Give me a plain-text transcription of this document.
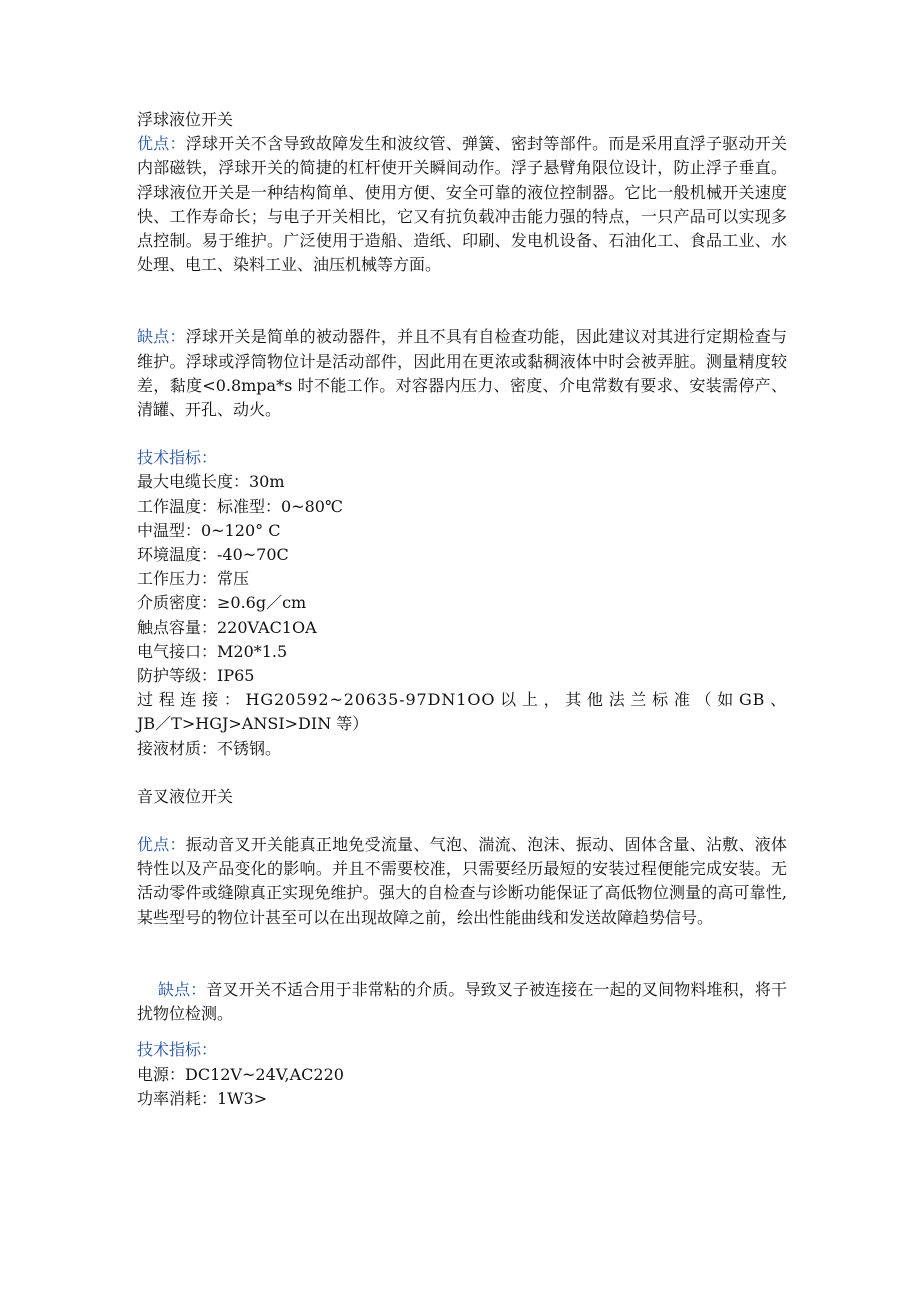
浮球液位开关

优点：浮球开关不含导致故障发生和波纹管、弹簧、密封等部件。而是采用直浮子驱动开关内部磁铁，浮球开关的简捷的杠杆使开关瞬间动作。浮子悬臂角限位设计，防止浮子垂直。浮球液位开关是一种结构简单、使用方便、安全可靠的液位控制器。它比一般机械开关速度快、工作寿命长；与电子开关相比，它又有抗负载冲击能力强的特点，一只产品可以实现多点控制。易于维护。广泛使用于造船、造纸、印刷、发电机设备、石油化工、食品工业、水处理、电工、染料工业、油压机械等方面。

缺点：浮球开关是简单的被动器件，并且不具有自检查功能，因此建议对其进行定期检查与维护。浮球或浮筒物位计是活动部件，因此用在更浓或黏稠液体中时会被弄脏。测量精度较差，黏度<0.8mpa*s 时不能工作。对容器内压力、密度、介电常数有要求、安装需停产、清罐、开孔、动火。

技术指标：

最大电缆长度：30m

工作温度：标准型：0~80℃

中温型：0~120° C

环境温度：-40~70C

工作压力：常压

介质密度：≥0.6g／cm

触点容量：220VAC1OA

电气接口：M20*1.5

防护等级：IP65

过程连接：HG20592~20635-97DN1OO以上，其他法兰标准（如GB、

JB／T>HGJ>ANSI>DIN 等）

接液材质：不锈钢。

音叉液位开关

优点：振动音叉开关能真正地免受流量、气泡、湍流、泡沫、振动、固体含量、沾敷、液体特性以及产品变化的影响。并且不需要校准，只需要经历最短的安装过程便能完成安装。无活动零件或缝隙真正实现免维护。强大的自检查与诊断功能保证了高低物位测量的高可靠性,某些型号的物位计甚至可以在出现故障之前，绘出性能曲线和发送故障趋势信号。

缺点：音叉开关不适合用于非常粘的介质。导致叉子被连接在一起的叉间物料堆积，将干扰物位检测。

技术指标：

电源：DC12V~24V,AC220

功率消耗：1W3>
